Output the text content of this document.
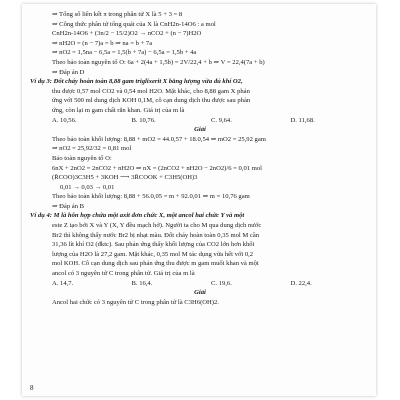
⇒ Tổng số liên kết π trong phân tử X là 5 + 3 = 8
⇒ Công thức phân tử tổng quát của X là CnH2n-14O6 : a mol
CnH2n-14O6 + (3n/2 − 15/2)O2 → nCO2 + (n − 7)H2O
⇒ nH2O = (n − 7)a = b ⇒ na = b + 7a
⇒ nO2 = 1,5na − 6,5a = 1,5(b + 7a) − 6,5a = 1,5b + 4a
Theo bảo toàn nguyên tố O: 6a + 2(4a + 1,5b) = 2V/22,4 + b ⇒ V = 22,4(7a + b)
⇒ Đáp án D
Ví dụ 3: Đốt cháy hoàn toàn 8,88 gam triglixerit X bằng lượng vừa đủ khí O2,
thu được 0,57 mol CO2 và 0,54 mol H2O. Mặt khác, cho 8,88 gam X phản
ứng với 500 ml dung dịch KOH 0,1M, cô cạn dung dịch thu được sau phản
ứng, còn lại m gam chất rắn khan. Giá trị của m là
A. 10,56.	B. 10,76.	C. 9,64.	D. 11,68.
Giải
Theo bảo toàn khối lượng: 8,88 + mO2 = 44.0,57 + 18.0,54 ⇒ mO2 = 25,92 gam
⇒ nO2 = 25,92/32 = 0,81 mol
Bảo toàn nguyên tố O:
6nX + 2nO2 = 2nCO2 + nH2O ⇒ nX = (2nCO2 + nH2O − 2nO2)/6 = 0,01 mol
(R̄COO)3C3H5 + 3KOH ⟶ 3R̄COOK + C3H5(OH)3
0,01 → 0,03 → 0,01
Theo bảo toàn khối lượng: 8,88 + 56.0,05 = m + 92.0,01 ⇒ m = 10,76 gam
⇒ Đáp án B
Ví dụ 4: M là hỗn hợp chứa một axit đơn chức X, một ancol hai chức Y và một
este Z tạo bởi X và Y (X, Y đều mạch hở). Người ta cho M qua dung dịch nước
Br2 thì không thấy nước Br2 bị nhạt màu. Đốt cháy hoàn toàn 0,35 mol M cần
31,36 lít khí O2 (đktc). Sau phản ứng thấy khối lượng của CO2 lớn hơn khối
lượng của H2O là 27,2 gam. Mặt khác, 0,35 mol M tác dụng vừa hết với 0,2
mol KOH. Cô cạn dung dịch sau phản ứng thu được m gam muối khan và một
ancol có 3 nguyên tử C trong phân tử. Giá trị của m là
A. 14,7.	B. 16,4.	C. 19,6.	D. 22,4.
Giải
Ancol hai chức có 3 nguyên tử C trong phân tử là C3H6(OH)2.
8
